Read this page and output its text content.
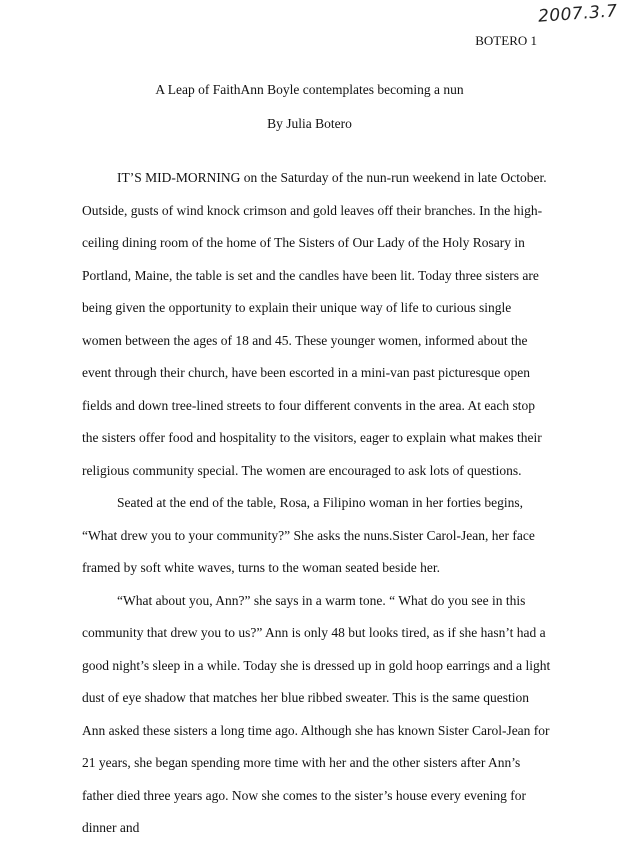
2007.3.7
BOTERO 1
A Leap of FaithAnn Boyle contemplates becoming a nun
By Julia Botero

IT’S MID-MORNING on the Saturday of the nun-run weekend in late October. Outside, gusts of wind knock crimson and gold leaves off their branches. In the high-ceiling dining room of the home of The Sisters of Our Lady of the Holy Rosary in Portland, Maine, the table is set and the candles have been lit. Today three sisters are being given the opportunity to explain their unique way of life to curious single women between the ages of 18 and 45. These younger women, informed about the event through their church, have been escorted in a mini-van past picturesque open fields and down tree-lined streets to four different convents in the area. At each stop the sisters offer food and hospitality to the visitors, eager to explain what makes their religious community special. The women are encouraged to ask lots of questions.

Seated at the end of the table, Rosa, a Filipino woman in her forties begins, “What drew you to your community?” She asks the nuns.Sister Carol-Jean, her face framed by soft white waves, turns to the woman seated beside her.

“What about you, Ann?” she says in a warm tone. “ What do you see in this community that drew you to us?” Ann is only 48 but looks tired, as if she hasn’t had a good night’s sleep in a while. Today she is dressed up in gold hoop earrings and a light dust of eye shadow that matches her blue ribbed sweater. This is the same question Ann asked these sisters a long time ago. Although she has known Sister Carol-Jean for 21 years, she began spending more time with her and the other sisters after Ann’s father died three years ago. Now she comes to the sister’s house every evening for dinner and
